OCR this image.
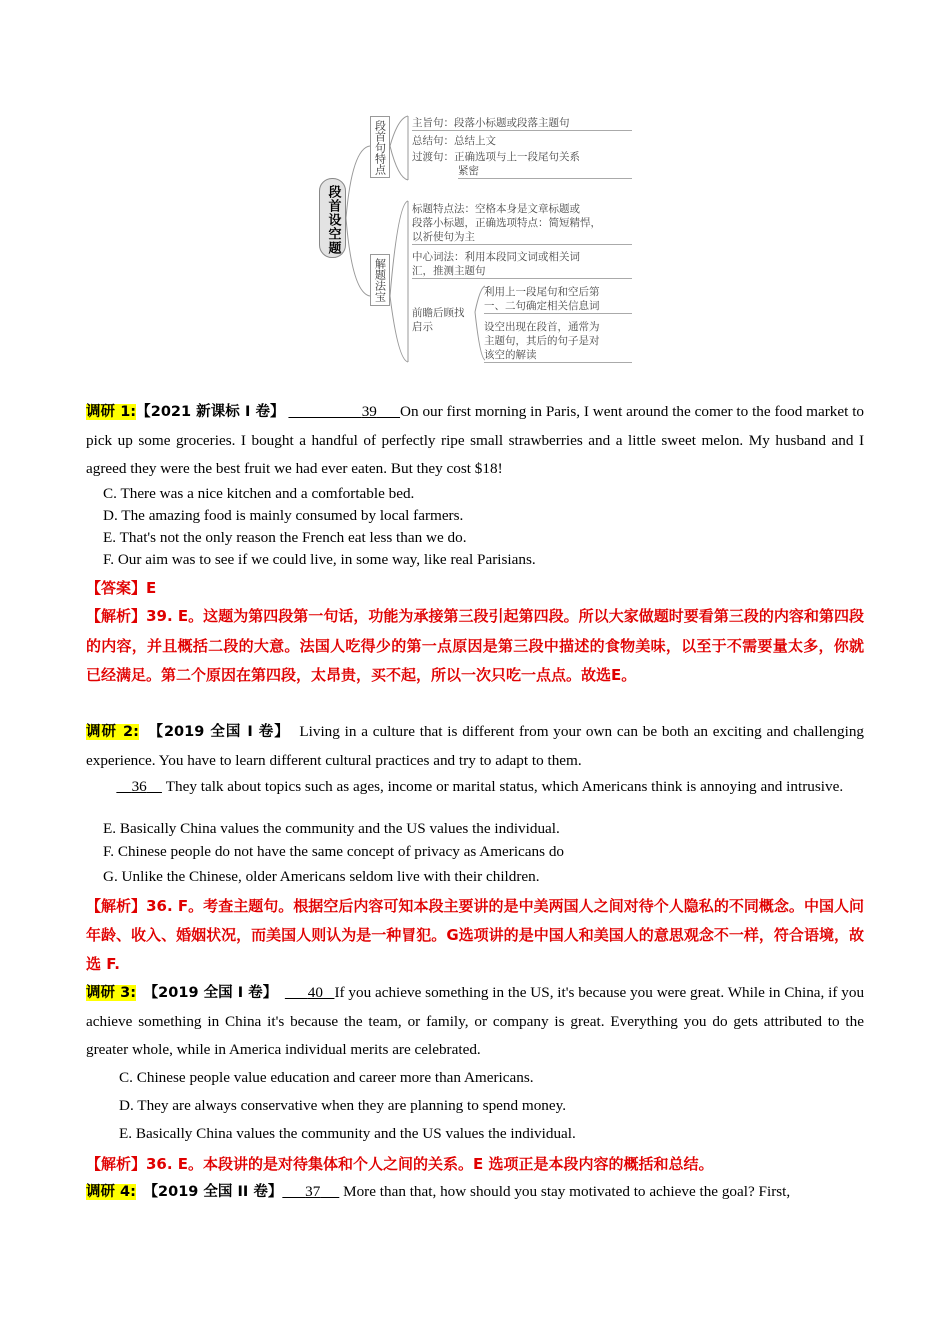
段首设空题
段首句特点
解题法宝
主旨句：段落小标题或段落主题句
总结句：总结上文
过渡句：正确选项与上一段尾句关系
紧密
标题特点法：空格本身是文章标题或
段落小标题，正确选项特点：简短精悍，
以祈使句为主
中心词法：利用本段同文词或相关词
汇，推测主题句
前瞻后顾找启示
利用上一段尾句和空后第
一、二句确定相关信息词
设空出现在段首，通常为
主题句，其后的句子是对
该空的解读
调研 1:【2021 新课标 I 卷】	39 On our first morning in Paris, I went around the comer to the food market to pick up some groceries. I bought a handful of perfectly ripe small strawberries and a little sweet melon. My husband and I agreed they were the best fruit we had ever eaten. But they cost $18!
C. There was a nice kitchen and a comfortable bed.
D. The amazing food is mainly consumed by local farmers.
E. That's not the only reason the French eat less than we do.
F. Our aim was to see if we could live, in some way, like real Parisians.
【答案】E
【解析】39. E。这题为第四段第一句话，功能为承接第三段引起第四段。所以大家做题时要看第三段的内容和第四段的内容，并且概括二段的大意。法国人吃得少的第一点原因是第三段中描述的食物美味，以至于不需要量太多，你就已经满足。第二个原因在第四段，太昂贵，买不起，所以一次只吃一点点。故选E。
调研 2: 【2019 全国 I 卷】 Living in a culture that is different from your own can be both an exciting and challenging experience. You have to learn different cultural practices and try to adapt to them.
36 They talk about topics such as ages, income or marital status, which Americans think is annoying and intrusive.
E. Basically China values the community and the US values the individual.
F. Chinese people do not have the same concept of privacy as Americans do
G. Unlike the Chinese, older Americans seldom live with their children.
【解析】36. F。考查主题句。根据空后内容可知本段主要讲的是中美两国人之间对待个人隐私的不同概念。中国人问年龄、收入、婚姻状况，而美国人则认为是一种冒犯。G选项讲的是中国人和美国人的意思观念不一样，符合语境，故选 F.
调研 3: 【2019 全国 I 卷】 40 If you achieve something in the US, it's because you were great. While in China, if you achieve something in China it's because the team, or family, or company is great. Everything you do gets attributed to the greater whole, while in America individual merits are celebrated.
C. Chinese people value education and career more than Americans.
D. They are always conservative when they are planning to spend money.
E. Basically China values the community and the US values the individual.
【解析】36. E。本段讲的是对待集体和个人之间的关系。E 选项正是本段内容的概括和总结。
调研 4: 【2019 全国 II 卷】 37 More than that, how should you stay motivated to achieve the goal? First,
